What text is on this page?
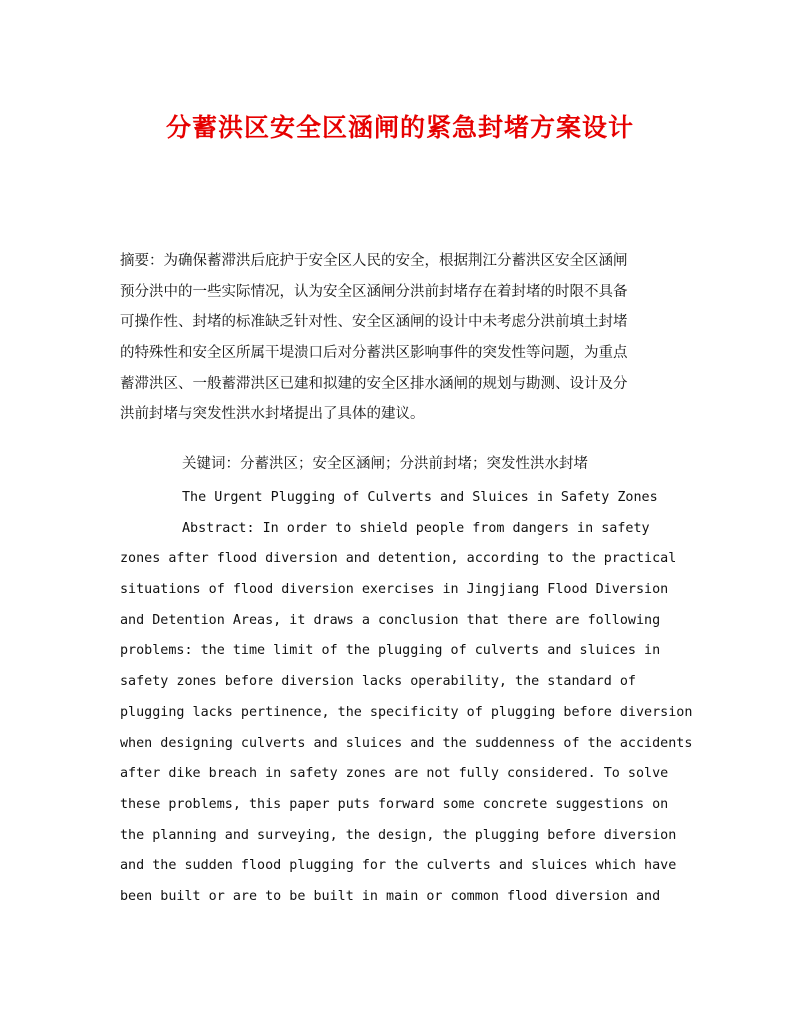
分蓄洪区安全区涵闸的紧急封堵方案设计
摘要：为确保蓄滞洪后庇护于安全区人民的安全，根据荆江分蓄洪区安全区涵闸
预分洪中的一些实际情况，认为安全区涵闸分洪前封堵存在着封堵的时限不具备
可操作性、封堵的标准缺乏针对性、安全区涵闸的设计中未考虑分洪前填土封堵
的特殊性和安全区所属干堤溃口后对分蓄洪区影响事件的突发性等问题，为重点
蓄滞洪区、一般蓄滞洪区已建和拟建的安全区排水涵闸的规划与勘测、设计及分
洪前封堵与突发性洪水封堵提出了具体的建议。
关键词：分蓄洪区；安全区涵闸；分洪前封堵；突发性洪水封堵
The Urgent Plugging of Culverts and Sluices in Safety Zones
Abstract: In order to shield people from dangers in safety
zones after flood diversion and detention, according to the practical
situations of flood diversion exercises in Jingjiang Flood Diversion
and Detention Areas, it draws a conclusion that there are following
problems: the time limit of the plugging of culverts and sluices in
safety zones before diversion lacks operability, the standard of
plugging lacks pertinence, the specificity of plugging before diversion
when designing culverts and sluices and the suddenness of the accidents
after dike breach in safety zones are not fully considered. To solve
these problems, this paper puts forward some concrete suggestions on
the planning and surveying, the design, the plugging before diversion
and the sudden flood plugging for the culverts and sluices which have
been built or are to be built in main or common flood diversion and
